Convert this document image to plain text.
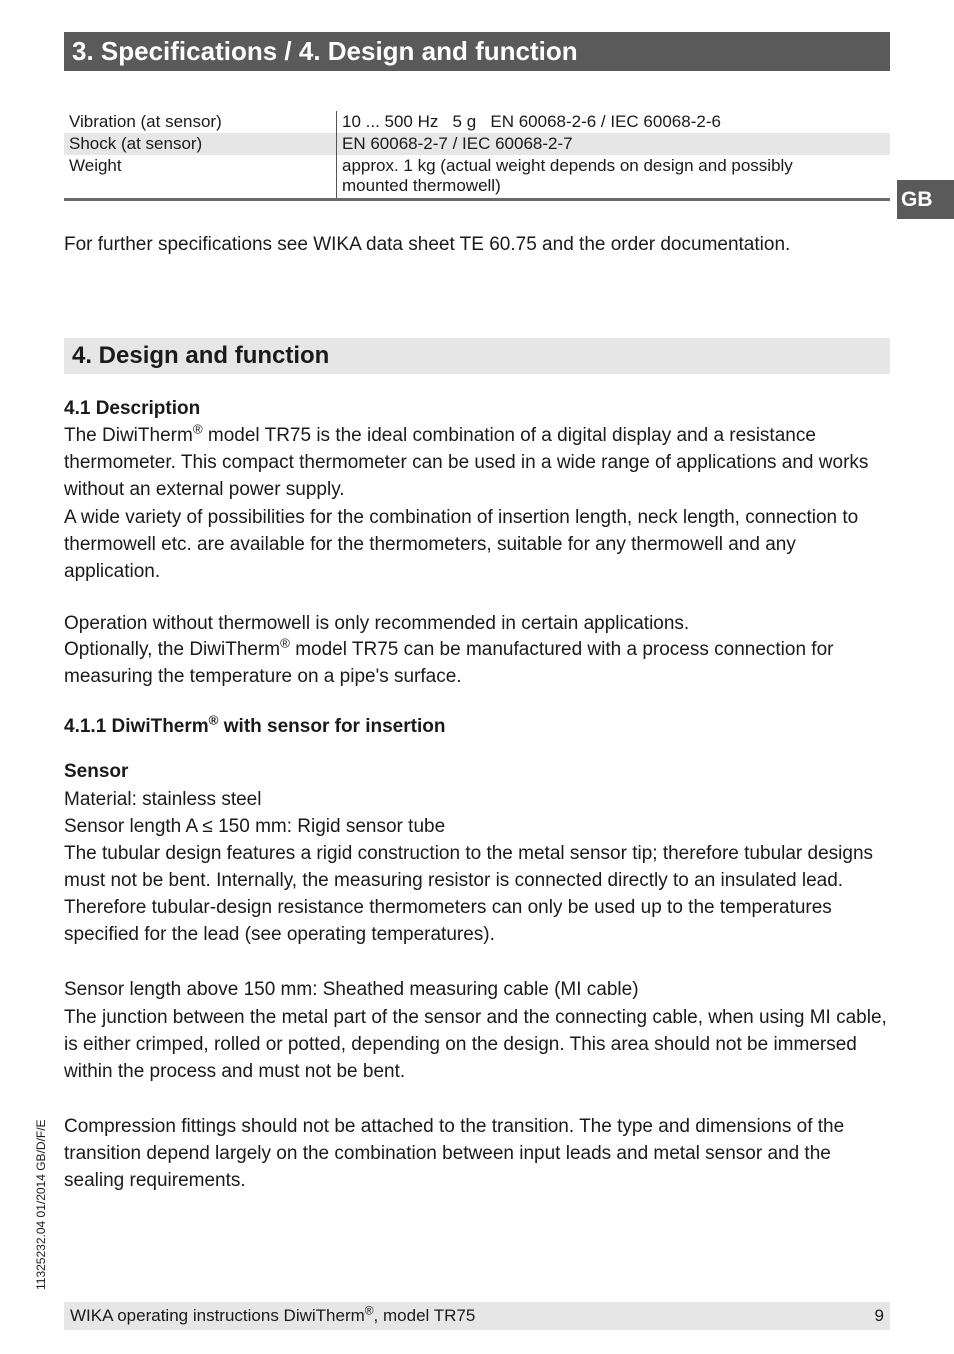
3. Specifications / 4. Design and function
Vibration (at sensor)	10 ... 500 Hz   5 g   EN 60068-2-6 / IEC 60068-2-6
Shock (at sensor)	EN 60068-2-7 / IEC 60068-2-7
Weight	approx. 1 kg (actual weight depends on design and possibly
mounted thermowell)
GB

For further specifications see WIKA data sheet TE 60.75 and the order documentation.

4. Design and function

4.1 Description

The DiwiTherm® model TR75 is the ideal combination of a digital display and a resistance thermometer. This compact thermometer can be used in a wide range of applications and works without an external power supply.

A wide variety of possibilities for the combination of insertion length, neck length, connection to thermowell etc. are available for the thermometers, suitable for any thermowell and any application.

Operation without thermowell is only recommended in certain applications.

Optionally, the DiwiTherm® model TR75 can be manufactured with a process connection for measuring the temperature on a pipe's surface.

4.1.1 DiwiTherm® with sensor for insertion

Sensor

Material: stainless steel

Sensor length A ≤ 150 mm: Rigid sensor tube

The tubular design features a rigid construction to the metal sensor tip; therefore tubular designs must not be bent. Internally, the measuring resistor is connected directly to an insulated lead. Therefore tubular-design resistance thermometers can only be used up to the temperatures specified for the lead (see operating temperatures).

Sensor length above 150 mm: Sheathed measuring cable (MI cable)

The junction between the metal part of the sensor and the connecting cable, when using MI cable, is either crimped, rolled or potted, depending on the design. This area should not be immersed within the process and must not be bent.

Compression fittings should not be attached to the transition. The type and dimensions of the transition depend largely on the combination between input leads and metal sensor and the sealing requirements.

11325232.04 01/2014 GB/D/F/E
WIKA operating instructions DiwiTherm®, model TR75	9
